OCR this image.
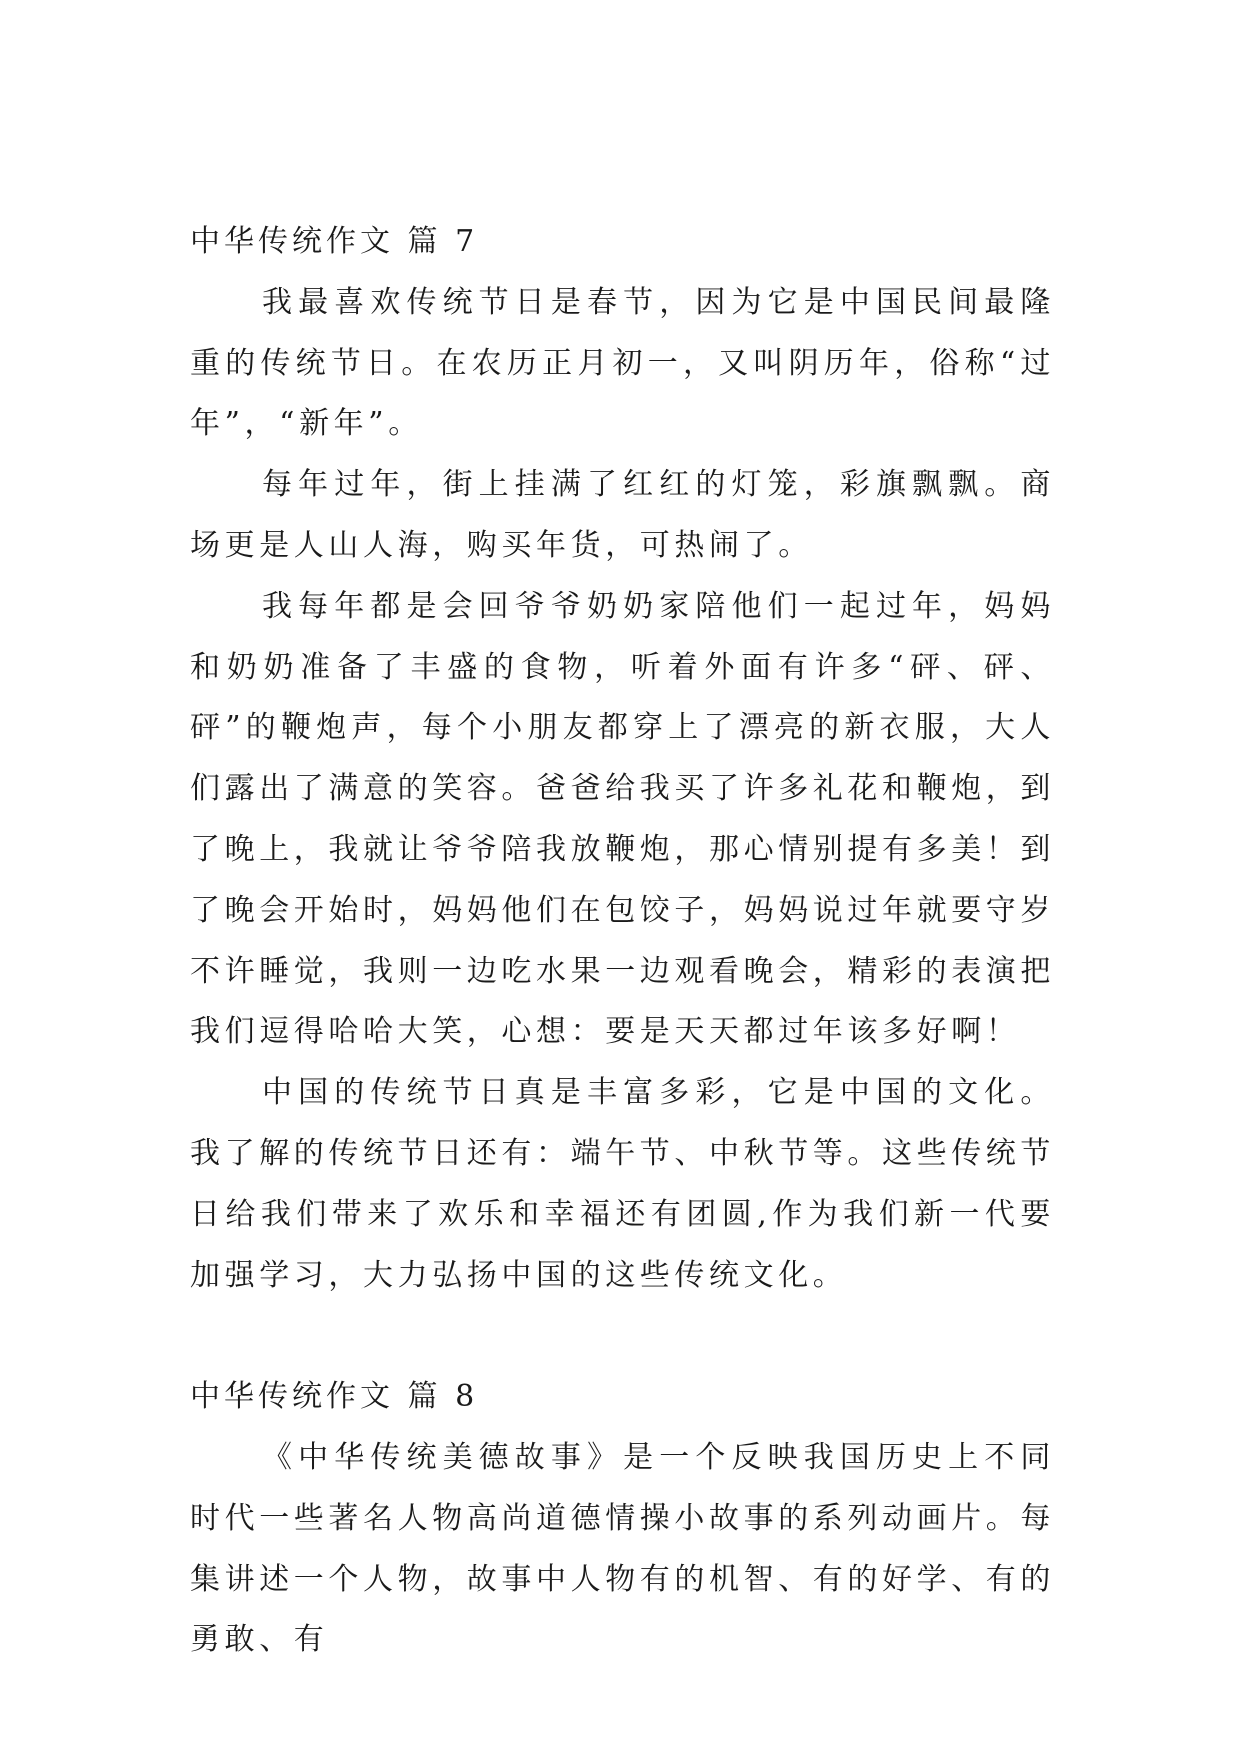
中华传统作文 篇 7

我最喜欢传统节日是春节，因为它是中国民间最隆重的传统节日。在农历正月初一，又叫阴历年，俗称“过年”，“新年”。

每年过年，街上挂满了红红的灯笼，彩旗飘飘。商场更是人山人海，购买年货，可热闹了。

我每年都是会回爷爷奶奶家陪他们一起过年，妈妈和奶奶准备了丰盛的食物，听着外面有许多“砰、砰、砰”的鞭炮声，每个小朋友都穿上了漂亮的新衣服，大人们露出了满意的笑容。爸爸给我买了许多礼花和鞭炮，到了晚上，我就让爷爷陪我放鞭炮，那心情别提有多美！到了晚会开始时，妈妈他们在包饺子，妈妈说过年就要守岁不许睡觉，我则一边吃水果一边观看晚会，精彩的表演把我们逗得哈哈大笑，心想：要是天天都过年该多好啊！

中国的传统节日真是丰富多彩，它是中国的文化。我了解的传统节日还有：端午节、中秋节等。这些传统节日给我们带来了欢乐和幸福还有团圆,作为我们新一代要加强学习，大力弘扬中国的这些传统文化。

中华传统作文 篇 8

《中华传统美德故事》是一个反映我国历史上不同时代一些著名人物高尚道德情操小故事的系列动画片。每集讲述一个人物，故事中人物有的机智、有的好学、有的勇敢、有
